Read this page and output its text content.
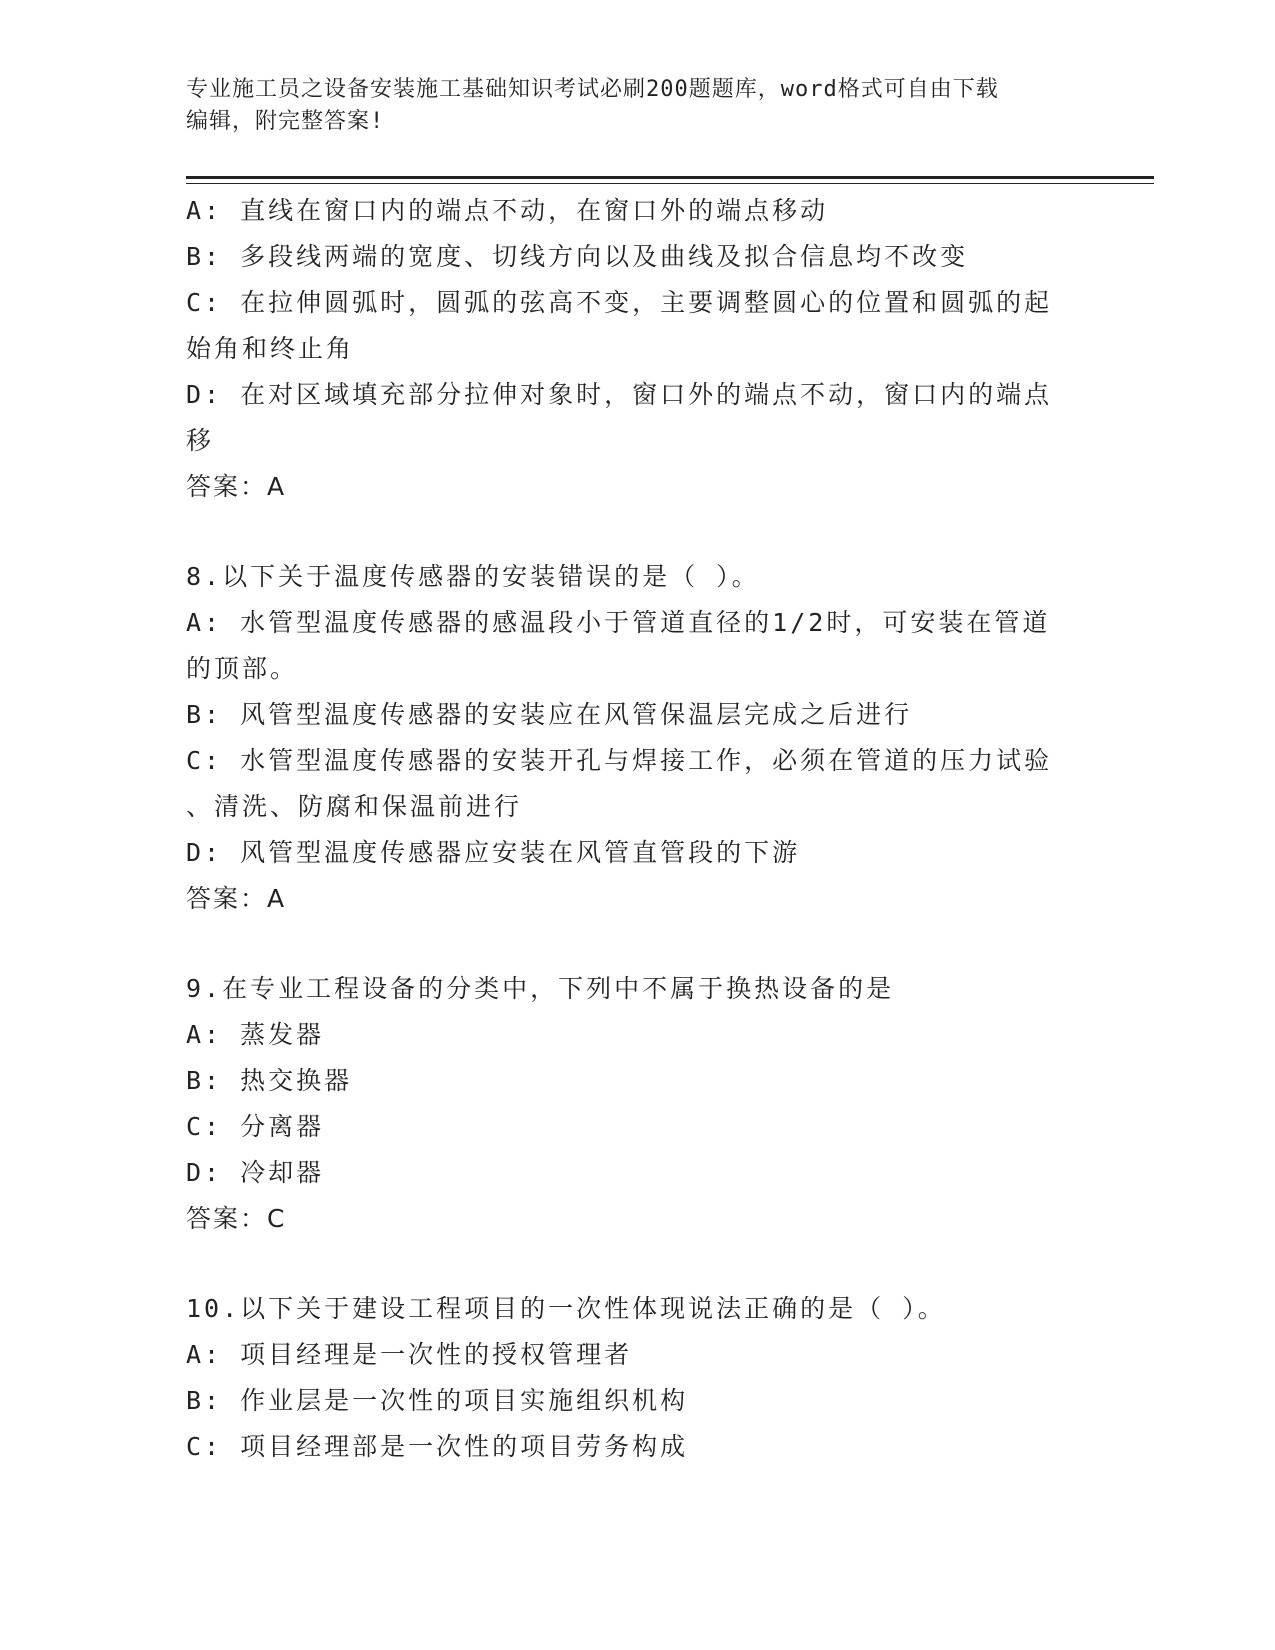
专业施工员之设备安装施工基础知识考试必刷200题题库，word格式可自由下载
编辑，附完整答案!
A: 直线在窗口内的端点不动，在窗口外的端点移动
B: 多段线两端的宽度、切线方向以及曲线及拟合信息均不改变
C: 在拉伸圆弧时，圆弧的弦高不变，主要调整圆心的位置和圆弧的起
始角和终止角
D: 在对区域填充部分拉伸对象时，窗口外的端点不动，窗口内的端点
移
答案：A
8.以下关于温度传感器的安装错误的是（ ）。
A: 水管型温度传感器的感温段小于管道直径的1/2时，可安装在管道
的顶部。
B: 风管型温度传感器的安装应在风管保温层完成之后进行
C: 水管型温度传感器的安装开孔与焊接工作，必须在管道的压力试验
、清洗、防腐和保温前进行
D: 风管型温度传感器应安装在风管直管段的下游
答案：A
9.在专业工程设备的分类中，下列中不属于换热设备的是
A: 蒸发器
B: 热交换器
C: 分离器
D: 冷却器
答案：C
10.以下关于建设工程项目的一次性体现说法正确的是（ ）。
A: 项目经理是一次性的授权管理者
B: 作业层是一次性的项目实施组织机构
C: 项目经理部是一次性的项目劳务构成
